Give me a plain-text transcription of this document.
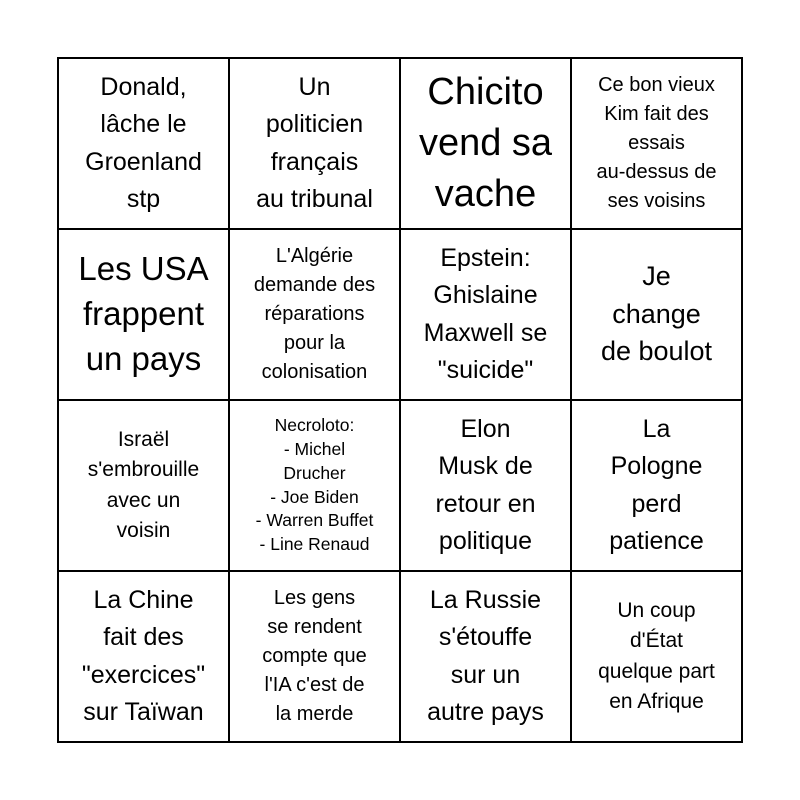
Donald,
lâche le
Groenland
stp
Un
politicien
français
au tribunal
Chicito
vend sa
vache
Ce bon vieux
Kim fait des
essais
au-dessus de
ses voisins
Les USA
frappent
un pays
L'Algérie
demande des
réparations
pour la
colonisation
Epstein:
Ghislaine
Maxwell se
"suicide"
Je
change
de boulot
Israël
s'embrouille
avec un
voisin
Necroloto:
- Michel
Drucher
- Joe Biden
- Warren Buffet
- Line Renaud
Elon
Musk de
retour en
politique
La
Pologne
perd
patience
La Chine
fait des
"exercices"
sur Taïwan
Les gens
se rendent
compte que
l'IA c'est de
la merde
La Russie
s'étouffe
sur un
autre pays
Un coup
d'État
quelque part
en Afrique
